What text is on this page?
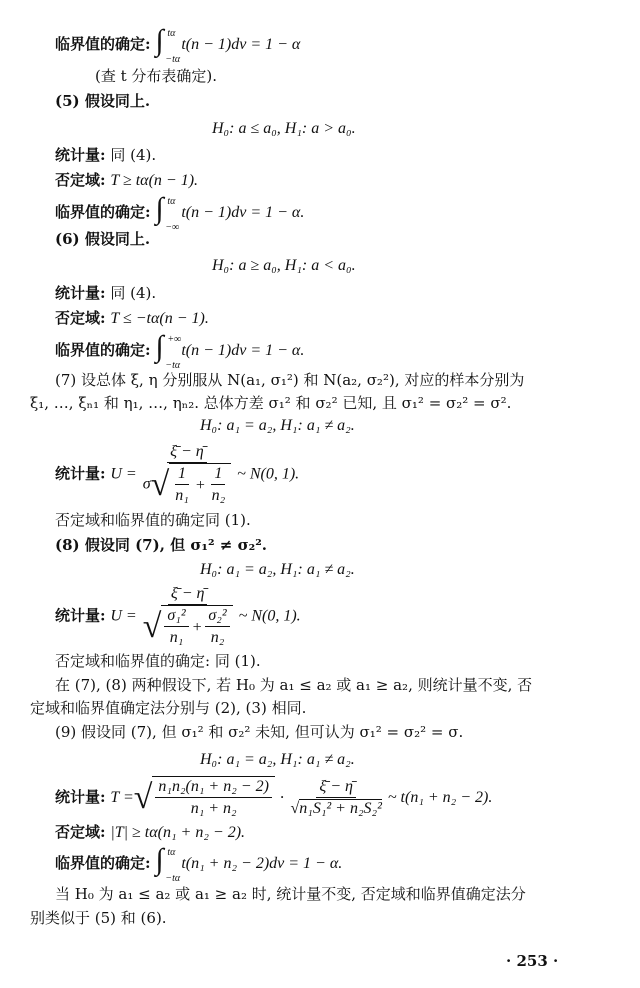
临界值的确定: ∫ tα
−tα
t(n − 1)dv = 1 − α
(查 t 分布表确定).
(5) 假设同上.
H₀: a ≤ a₀, H₁: a > a₀.
统计量: 同 (4).
否定域: T ≥ tα(n − 1).
临界值的确定: ∫ tα
−∞
t(n − 1)dv = 1 − α.
(6) 假设同上.
H₀: a ≥ a₀, H₁: a < a₀.
统计量: 同 (4).
否定域: T ≤ −tα(n − 1).
临界值的确定: ∫ +∞
−tα
t(n − 1)dv = 1 − α.
(7) 设总体 ξ, η 分别服从 N(a₁, σ₁²) 和 N(a₂, σ₂²), 对应的样本分别为
ξ₁, …, ξₙ₁ 和 η₁, …, ηₙ₂. 总体方差 σ₁² 和 σ₂² 已知, 且 σ₁² = σ₂² = σ².
H₀: a₁ = a₂, H₁: a₁ ≠ a₂.
统计量: $U = \frac{\xī - \etā}{\sigma √ \frac{1}{\text{n₁}} + \frac{1}{\text{n₂}}}$ ~ N(0, 1).
否定域和临界值的确定同 (1).
(8) 假设同 (7), 但 σ₁² ≠ σ₂².
H₀: a₁ = a₂, H₁: a₁ ≠ a₂.
统计量: $U = \frac{\xī - \etā}{√ \frac{\text{σ₁²}}{\text{n₁}} + \frac{\text{σ₂²}}{\text{n₂}}}$ ~ N(0, 1).
否定域和临界值的确定: 同 (1).
在 (7), (8) 两种假设下, 若 H₀ 为 a₁ ≤ a₂ 或 a₁ ≥ a₂, 则统计量不变, 否
定域和临界值确定法分别与 (2), (3) 相同.
(9) 假设同 (7), 但 σ₁² 和 σ₂² 未知, 但可认为 σ₁² = σ₂² = σ.
H₀: a₁ = a₂, H₁: a₁ ≠ a₂.
统计量: T = √ $\frac{\text{n₁n₂(n₁ + n₂ − 2)}}{\text{n₁ + n₂}} \cdot \frac{\xī - \etā}{\text{√n₁S₁² + n₂S₂²}}$ ~ t(n₁ + n₂ − 2).
否定域: |T| ≥ tα(n₁ + n₂ − 2).
临界值的确定: ∫ tα
−tα
t(n₁ + n₂ − 2)dv = 1 − α.
当 H₀ 为 a₁ ≤ a₂ 或 a₁ ≥ a₂ 时, 统计量不变, 否定域和临界值确定法分
别类似于 (5) 和 (6).
· 253 ·
